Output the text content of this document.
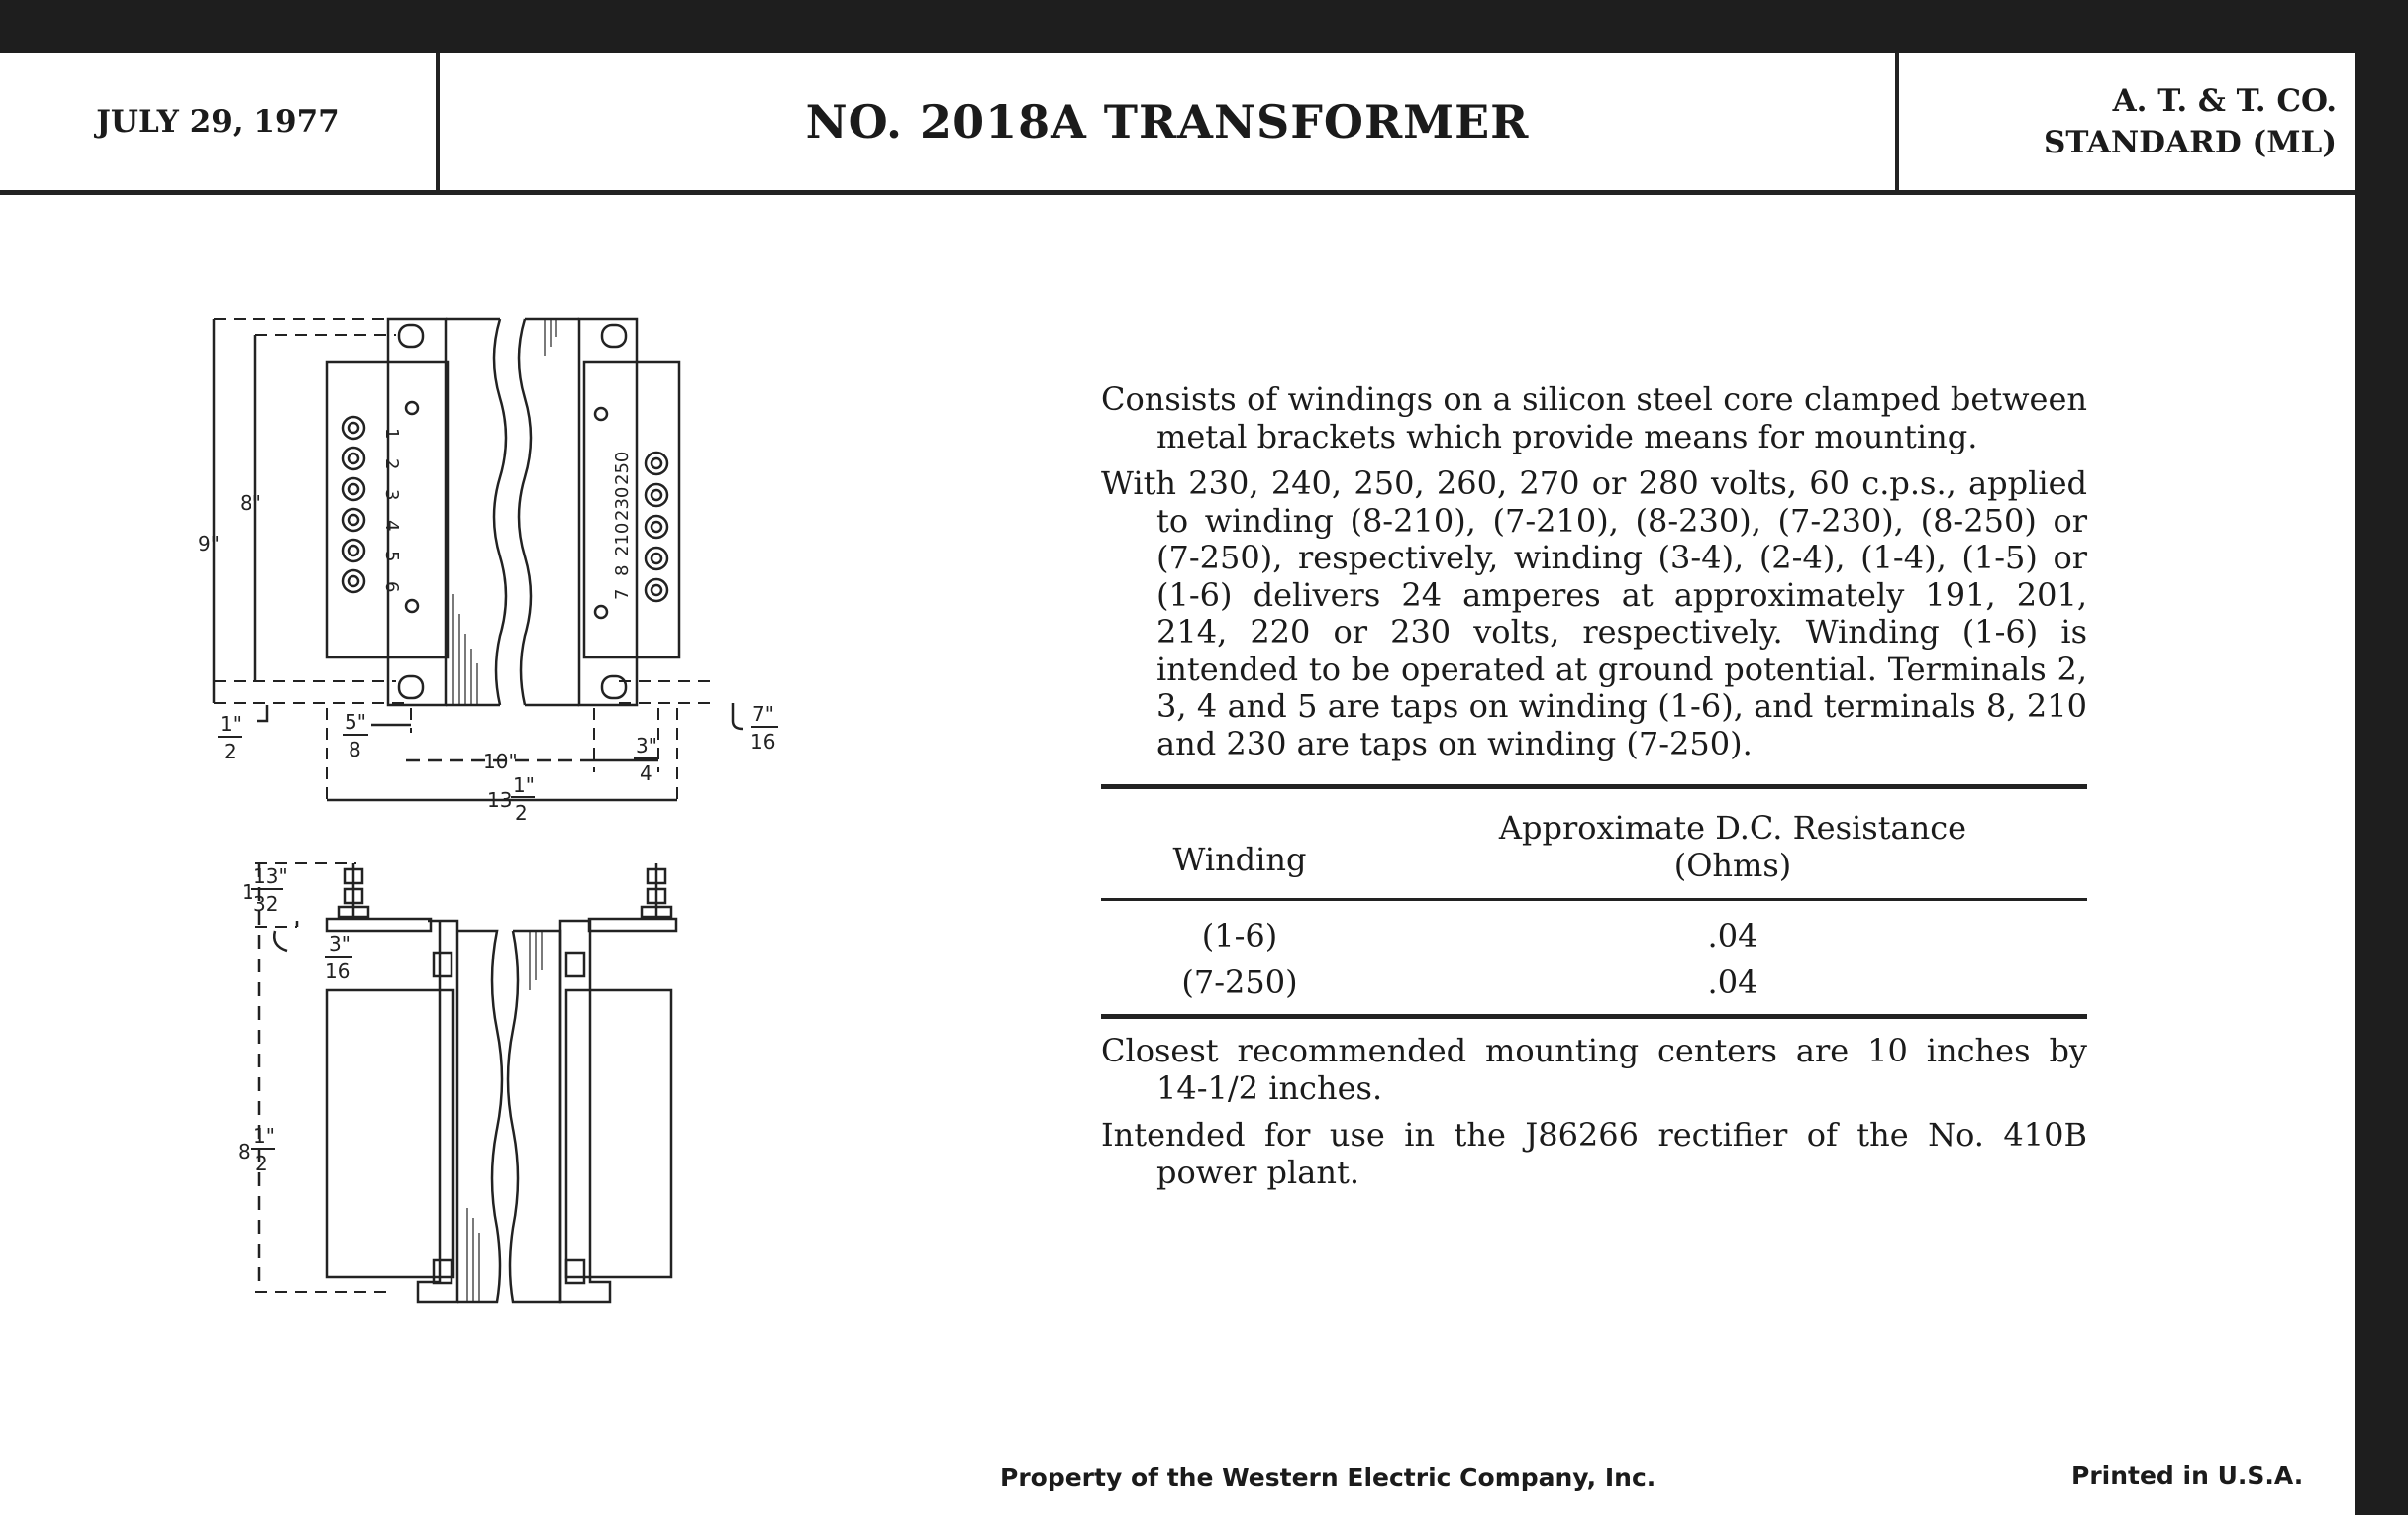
JULY 29, 1977	NO. 2018A TRANSFORMER	A. T. & T. CO.
STANDARD (ML)
9"
8"
1"
2
5"
8	10"
13
1"
2
3"
4
7"
16
1
13"
32
3"
16
8
1"
2
1
2
3
4
5
6
7
8
210
230
250

Consists of windings on a silicon steel core clamped between metal brackets which provide means for mounting.

With 230, 240, 250, 260, 270 or 280 volts, 60 c.p.s., applied to winding (8-210), (7-210), (8-230), (7-230), (8-250) or (7-250), respectively, winding (3-4), (2-4), (1-4), (1-5) or (1-6) delivers 24 amperes at approximately 191, 201, 214, 220 or 230 volts, respectively. Winding (1-6) is intended to be operated at ground potential. Terminals 2, 3, 4 and 5 are taps on winding (1-6), and terminals 8, 210 and 230 are taps on winding (7-250).

Winding
Approximate D.C. Resistance
(Ohms)
(1-6)	.04
(7-250)	.04

Closest recommended mounting centers are 10 inches by 14-1/2 inches.

Intended for use in the J86266 rectifier of the No. 410B power plant.

Property of the Western Electric Company, Inc.	Printed in U.S.A.
